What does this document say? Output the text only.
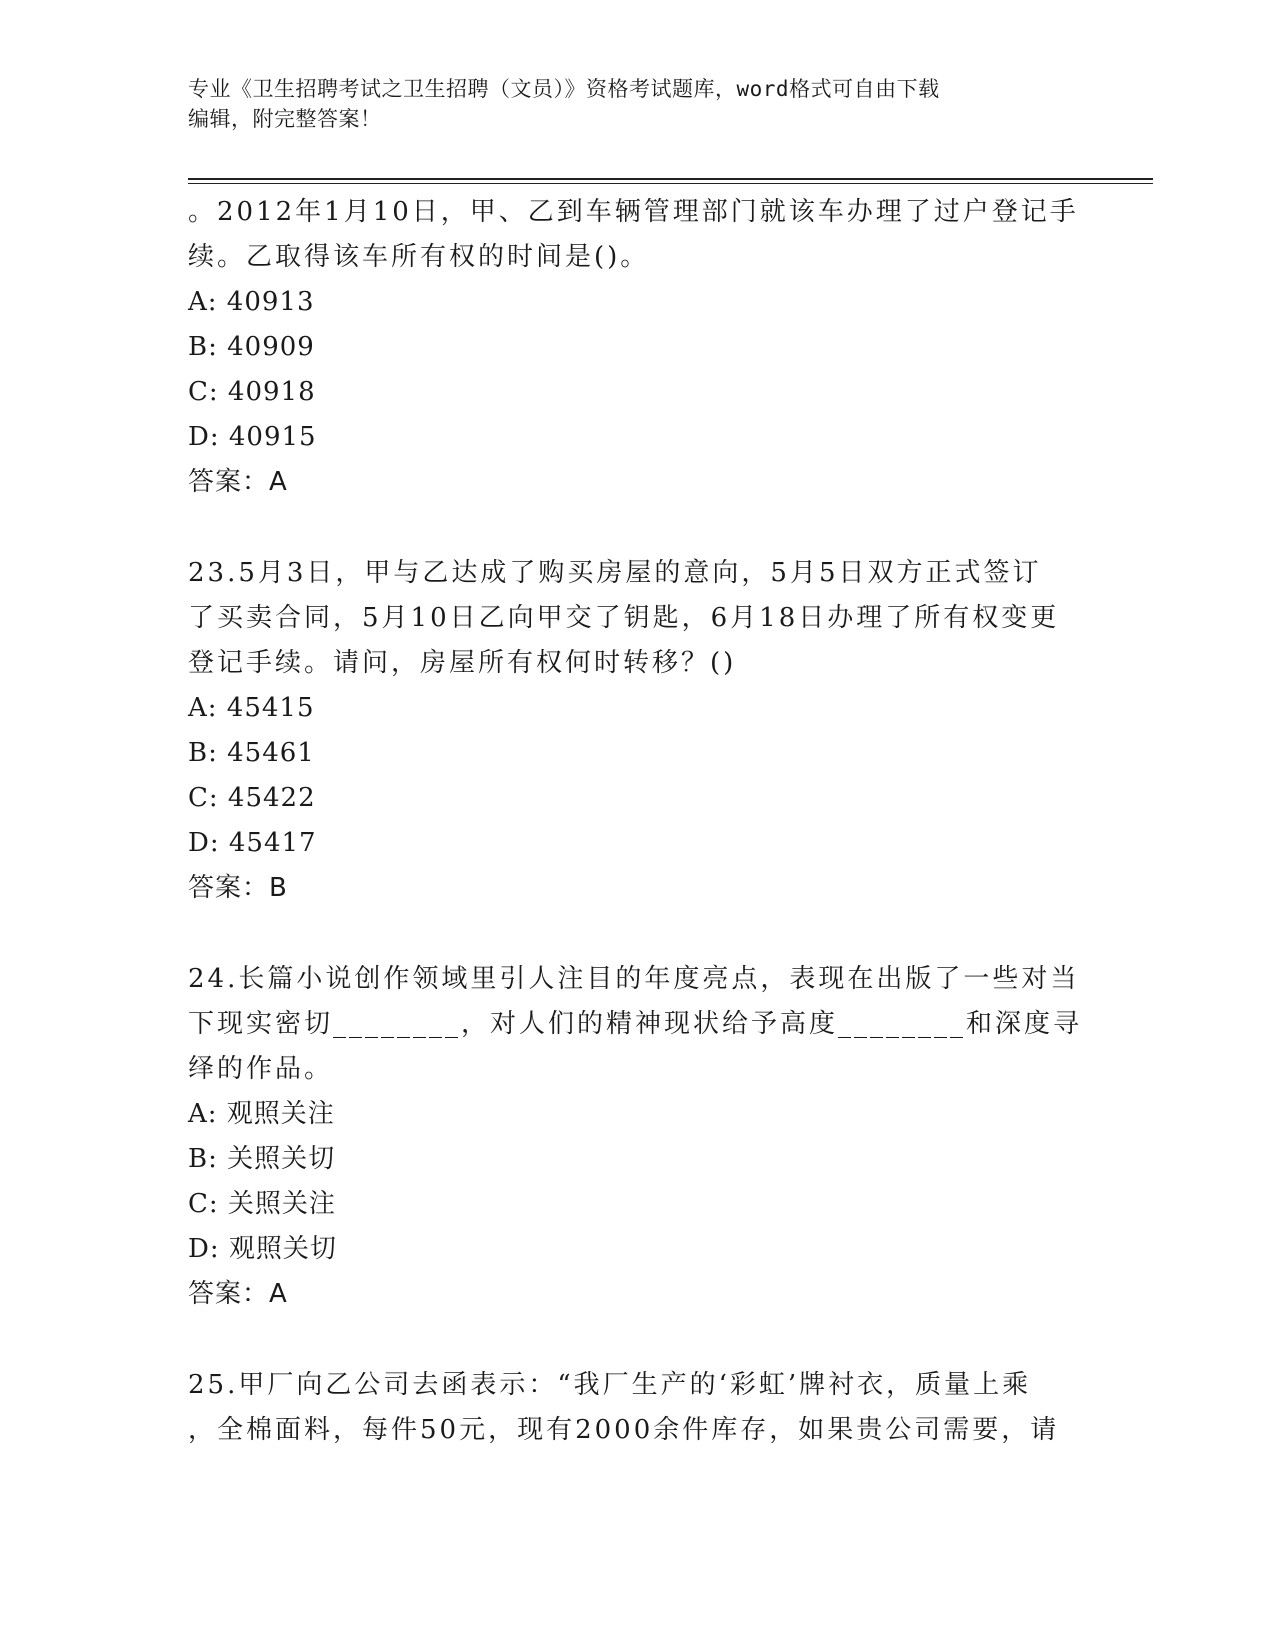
专业《卫生招聘考试之卫生招聘（文员）》资格考试题库，word格式可自由下载
编辑，附完整答案！

。2012年1月10日，甲、乙到车辆管理部门就该车办理了过户登记手

续。乙取得该车所有权的时间是()。

A: 40913

B: 40909

C: 40918

D: 40915

答案：A

23.5月3日，甲与乙达成了购买房屋的意向，5月5日双方正式签订

了买卖合同，5月10日乙向甲交了钥匙，6月18日办理了所有权变更

登记手续。请问，房屋所有权何时转移？()

A: 45415

B: 45461

C: 45422

D: 45417

答案：B

24.长篇小说创作领域里引人注目的年度亮点，表现在出版了一些对当

下现实密切________，对人们的精神现状给予高度________和深度寻

绎的作品。

A: 观照关注

B: 关照关切

C: 关照关注

D: 观照关切

答案：A

25.甲厂向乙公司去函表示：“我厂生产的‘彩虹’牌衬衣，质量上乘

，全棉面料，每件50元，现有2000余件库存，如果贵公司需要，请
